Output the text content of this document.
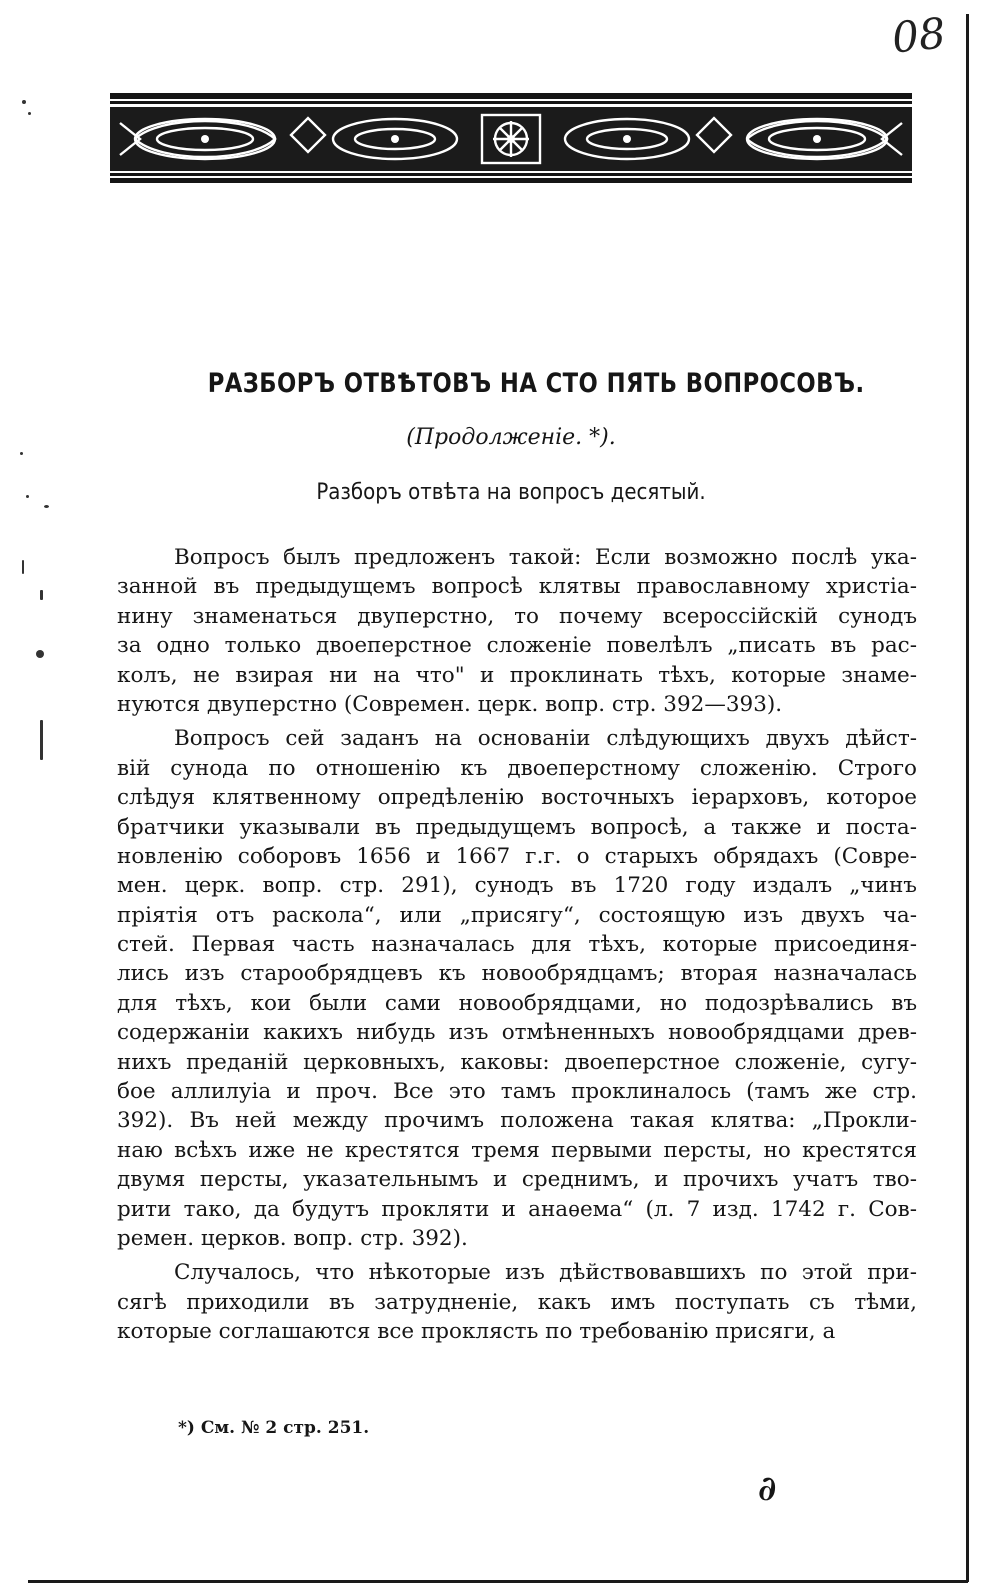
08
РАЗБОРЪ ОТВѢТОВЪ НА СТО ПЯТЬ ВОПРОСОВЪ.
(Продолженіе. *).
Разборъ отвѣта на вопросъ десятый.
Вопросъ былъ предложенъ такой: Если возможно послѣ ука-
занной въ предыдущемъ вопросѣ клятвы православному христіа-
нину знаменаться двуперстно, то почему всероссійскій сунодъ
за одно только двоеперстное сложеніе повелѣлъ „писать въ рас-
колъ, не взирая ни на что" и проклинать тѣхъ, которые знаме-
нуются двуперстно (Современ. церк. вопр. стр. 392—393).
Вопросъ сей заданъ на основаніи слѣдующихъ двухъ дѣйст-
вій сунода по отношенію къ двоеперстному сложенію. Строго
слѣдуя клятвенному опредѣленію восточныхъ іерарховъ, которое
братчики указывали въ предыдущемъ вопросѣ, а также и поста-
новленію соборовъ 1656 и 1667 г.г. о старыхъ обрядахъ (Совре-
мен. церк. вопр. стр. 291), сунодъ въ 1720 году издалъ „чинъ
пріятія отъ раскола“, или „присягу“, состоящую изъ двухъ ча-
стей. Первая часть назначалась для тѣхъ, которые присоединя-
лись изъ старообрядцевъ къ новообрядцамъ; вторая назначалась
для тѣхъ, кои были сами новообрядцами, но подозрѣвались въ
содержаніи какихъ нибудь изъ отмѣненныхъ новообрядцами древ-
нихъ преданій церковныхъ, каковы: двоеперстное сложеніе, сугу-
бое аллилуіа и проч. Все это тамъ проклиналось (тамъ же стр.
392). Въ ней между прочимъ положена такая клятва: „Прокли-
наю всѣхъ иже не крестятся тремя первыми персты, но крестятся
двумя персты, указательнымъ и среднимъ, и прочихъ учатъ тво-
рити тако, да будутъ прокляти и анаѳема“ (л. 7 изд. 1742 г. Сов-
ремен. церков. вопр. стр. 392).
Случалось, что нѣкоторые изъ дѣйствовавшихъ по этой при-
сягѣ приходили въ затрудненіе, какъ имъ поступать съ тѣми,
которые соглашаются все проклясть по требованію присяги, а
*) См. № 2 стр. 251.
∂
